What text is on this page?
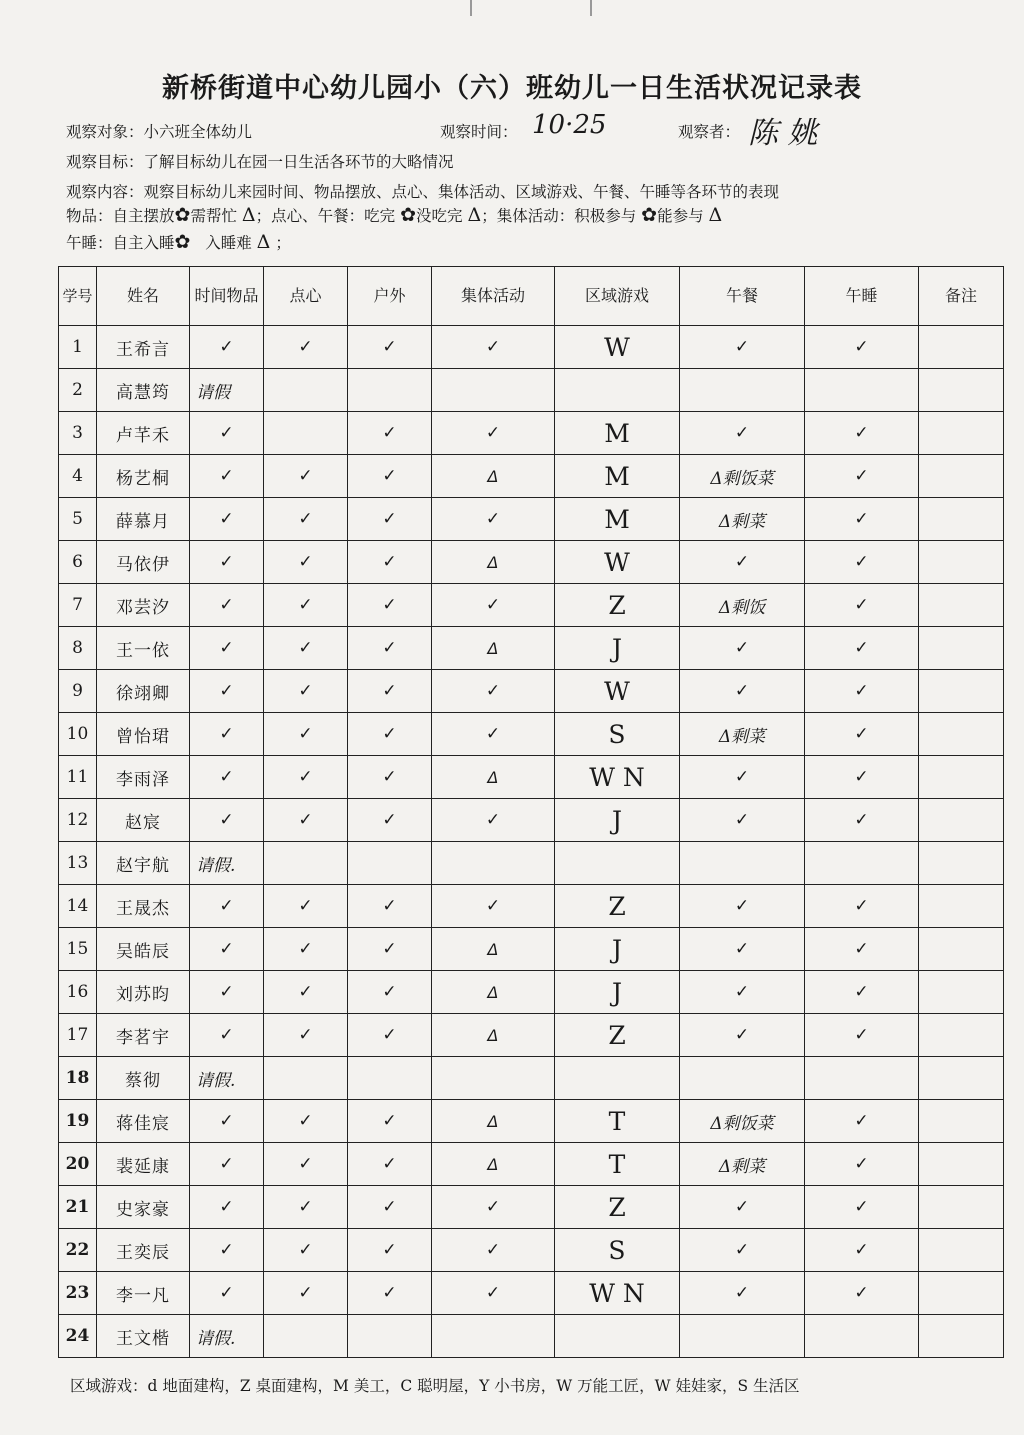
新桥街道中心幼儿园小（六）班幼儿一日生活状况记录表
观察对象：小六班全体幼儿	观察时间： 10·25	观察者： 陈 姚
观察目标：了解目标幼儿在园一日生活各环节的大略情况
观察内容：观察目标幼儿来园时间、物品摆放、点心、集体活动、区域游戏、午餐、午睡等各环节的表现
物品：自主摆放✿需帮忙 Δ；点心、午餐：吃完 ✿没吃完 Δ；集体活动：积极参与 ✿能参与 Δ
午睡：自主入睡✿ 入睡难 Δ ；
学号	姓名	时间物品	点心	户外	集体活动	区域游戏	午餐	午睡	备注
1	王希言	✓	✓	✓	✓	W	✓	✓	
2	高慧筠	请假							
3	卢芊禾	✓		✓	✓	M	✓	✓	
4	杨艺桐	✓	✓	✓	Δ	M	Δ剩饭菜	✓	
5	薛慕月	✓	✓	✓	✓	M	Δ剩菜	✓	
6	马依伊	✓	✓	✓	Δ	W	✓	✓	
7	邓芸汐	✓	✓	✓	✓	Z	Δ剩饭	✓	
8	王一依	✓	✓	✓	Δ	J	✓	✓	
9	徐翊卿	✓	✓	✓	✓	W	✓	✓	
10	曾怡珺	✓	✓	✓	✓	S	Δ剩菜	✓	
11	李雨泽	✓	✓	✓	Δ	W N	✓	✓	
12	赵宸	✓	✓	✓	✓	J	✓	✓	
13	赵宇航	请假.							
14	王晟杰	✓	✓	✓	✓	Z	✓	✓	
15	吴皓辰	✓	✓	✓	Δ	J	✓	✓	
16	刘苏昀	✓	✓	✓	Δ	J	✓	✓	
17	李茗宇	✓	✓	✓	Δ	Z	✓	✓	
18	蔡彻	请假.							
19	蒋佳宸	✓	✓	✓	Δ	T	Δ剩饭菜	✓	
20	裴延康	✓	✓	✓	Δ	T	Δ剩菜	✓	
21	史家豪	✓	✓	✓	✓	Z	✓	✓	
22	王奕辰	✓	✓	✓	✓	S	✓	✓	
23	李一凡	✓	✓	✓	✓	W N	✓	✓	
24	王文楷	请假.							
区域游戏：d 地面建构，Z 桌面建构，M 美工，C 聪明屋，Y 小书房，W 万能工匠，W 娃娃家，S 生活区
